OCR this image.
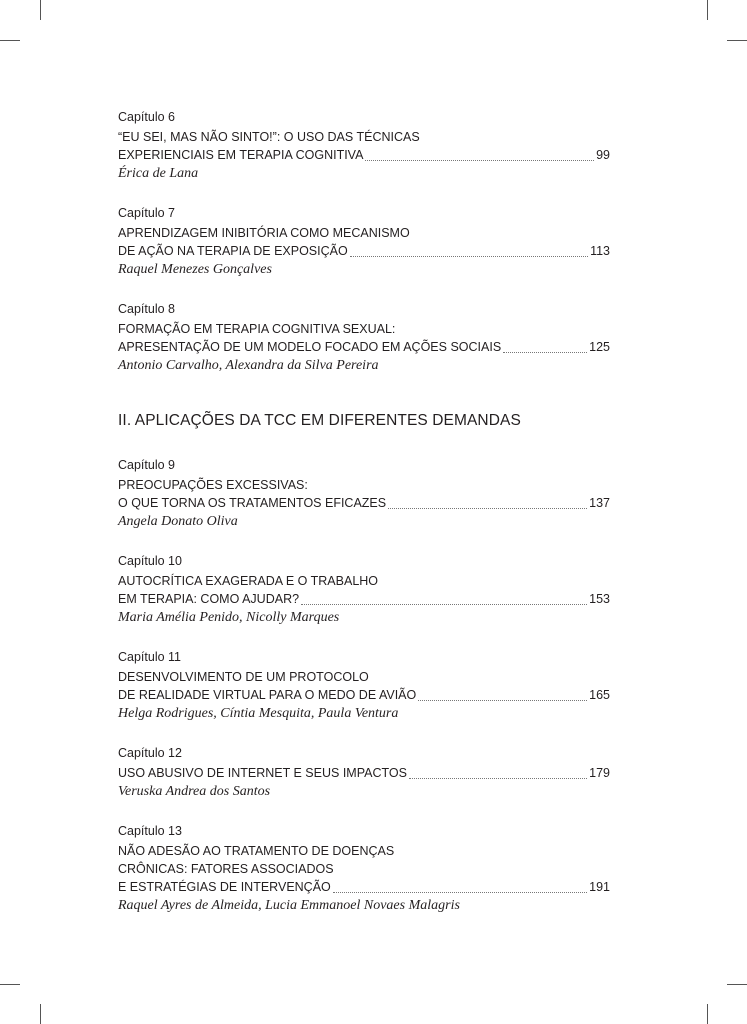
Capítulo 6
“EU SEI, MAS NÃO SINTO!”: O USO DAS TÉCNICAS
EXPERIENCIAIS EM TERAPIA COGNITIVA	99
Érica de Lana
Capítulo 7
APRENDIZAGEM INIBITÓRIA COMO MECANISMO
DE AÇÃO NA TERAPIA DE EXPOSIÇÃO	113
Raquel Menezes Gonçalves
Capítulo 8
FORMAÇÃO EM TERAPIA COGNITIVA SEXUAL:
APRESENTAÇÃO DE UM MODELO FOCADO EM AÇÕES SOCIAIS	125
Antonio Carvalho, Alexandra da Silva Pereira
II. APLICAÇÕES DA TCC EM DIFERENTES DEMANDAS
Capítulo 9
PREOCUPAÇÕES EXCESSIVAS:
O QUE TORNA OS TRATAMENTOS EFICAZES	137
Angela Donato Oliva
Capítulo 10
AUTOCRÍTICA EXAGERADA E O TRABALHO
EM TERAPIA: COMO AJUDAR?	153
Maria Amélia Penido, Nicolly Marques
Capítulo 11
DESENVOLVIMENTO DE UM PROTOCOLO
DE REALIDADE VIRTUAL PARA O MEDO DE AVIÃO	165
Helga Rodrigues, Cíntia Mesquita, Paula Ventura
Capítulo 12
USO ABUSIVO DE INTERNET E SEUS IMPACTOS	179
Veruska Andrea dos Santos
Capítulo 13
NÃO ADESÃO AO TRATAMENTO DE DOENÇAS
CRÔNICAS: FATORES ASSOCIADOS
E ESTRATÉGIAS DE INTERVENÇÃO	191
Raquel Ayres de Almeida, Lucia Emmanoel Novaes Malagris
